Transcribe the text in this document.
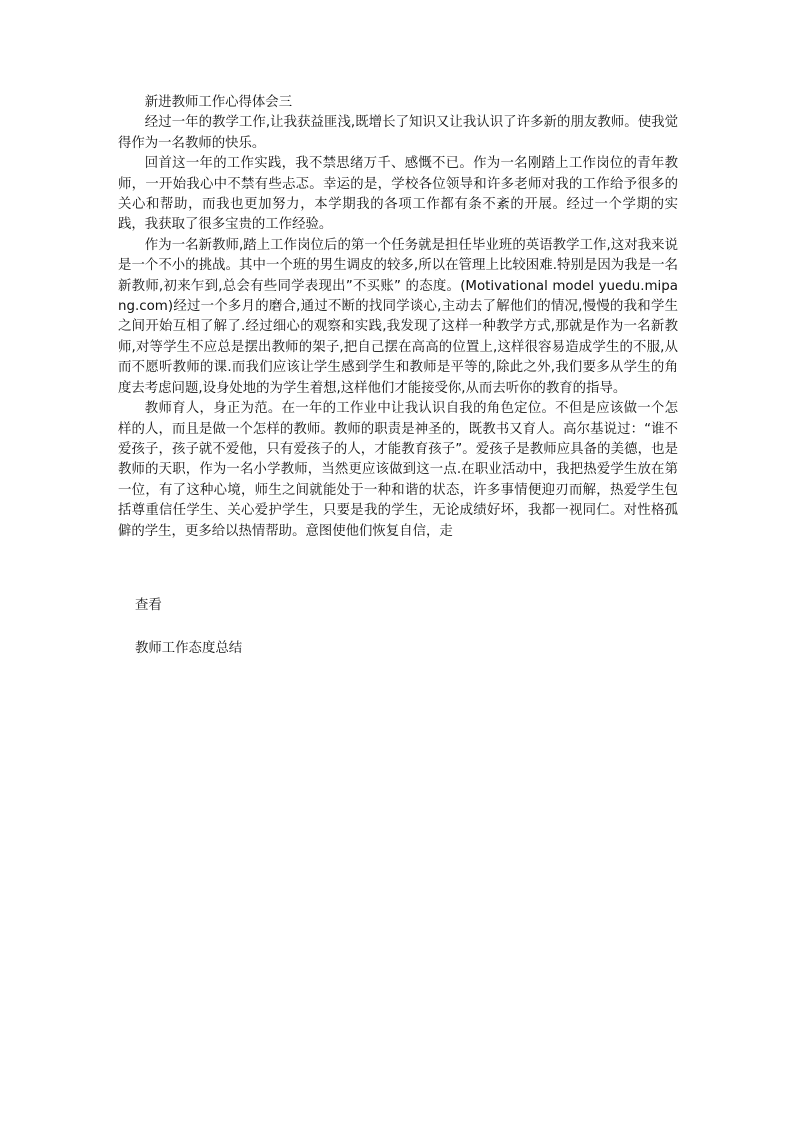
新进教师工作心得体会三

经过一年的教学工作,让我获益匪浅,既增长了知识又让我认识了许多新的朋友教师。使我觉得作为一名教师的快乐。

回首这一年的工作实践，我不禁思绪万千、感慨不已。作为一名刚踏上工作岗位的青年教师，一开始我心中不禁有些忐忑。幸运的是，学校各位领导和许多老师对我的工作给予很多的关心和帮助，而我也更加努力，本学期我的各项工作都有条不紊的开展。经过一个学期的实践，我获取了很多宝贵的工作经验。

作为一名新教师,踏上工作岗位后的第一个任务就是担任毕业班的英语教学工作,这对我来说是一个不小的挑战。其中一个班的男生调皮的较多,所以在管理上比较困难.特别是因为我是一名新教师,初来乍到,总会有些同学表现出”不买账” 的态度。(Motivational model yuedu.mipang.com)经过一个多月的磨合,通过不断的找同学谈心,主动去了解他们的情况,慢慢的我和学生之间开始互相了解了.经过细心的观察和实践,我发现了这样一种教学方式,那就是作为一名新教师,对等学生不应总是摆出教师的架子,把自己摆在高高的位置上,这样很容易造成学生的不服,从而不愿听教师的课.而我们应该让学生感到学生和教师是平等的,除此之外,我们要多从学生的角度去考虑问题,设身处地的为学生着想,这样他们才能接受你,从而去听你的教育的指导。

教师育人，身正为范。在一年的工作业中让我认识自我的角色定位。不但是应该做一个怎样的人，而且是做一个怎样的教师。教师的职责是神圣的，既教书又育人。高尔基说过：“谁不爱孩子，孩子就不爱他，只有爱孩子的人，才能教育孩子”。爱孩子是教师应具备的美德，也是教师的天职，作为一名小学教师，当然更应该做到这一点.在职业活动中，我把热爱学生放在第一位，有了这种心境，师生之间就能处于一种和谐的状态，许多事情便迎刃而解，热爱学生包括尊重信任学生、关心爱护学生，只要是我的学生，无论成绩好坏，我都一视同仁。对性格孤僻的学生，更多给以热情帮助。意图使他们恢复自信，走

查看
教师工作态度总结
